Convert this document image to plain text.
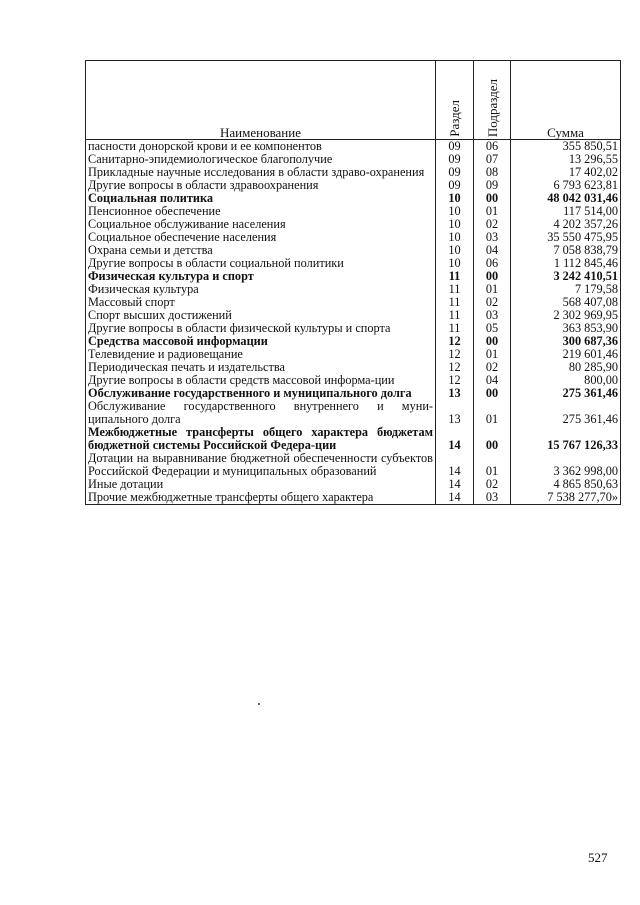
Наименование	Раздел	Подраздел	Сумма
пасности донорской крови и ее компонентов	09	06	355 850,51
Санитарно-эпидемиологическое благополучие	09	07	13 296,55
Прикладные научные исследования в области здраво-охранения	09	08	17 402,02
Другие вопросы в области здравоохранения	09	09	6 793 623,81
Социальная политика	10	00	48 042 031,46
Пенсионное обеспечение	10	01	117 514,00
Социальное обслуживание населения	10	02	4 202 357,26
Социальное обеспечение населения	10	03	35 550 475,95
Охрана семьи и детства	10	04	7 058 838,79
Другие вопросы в области социальной политики	10	06	1 112 845,46
Физическая культура и спорт	11	00	3 242 410,51
Физическая культура	11	01	7 179,58
Массовый спорт	11	02	568 407,08
Спорт высших достижений	11	03	2 302 969,95
Другие вопросы в области физической культуры и спорта	11	05	363 853,90
Средства массовой информации	12	00	300 687,36
Телевидение и радиовещание	12	01	219 601,46
Периодическая печать и издательства	12	02	80 285,90
Другие вопросы в области средств массовой информа-ции	12	04	800,00
Обслуживание государственного и муниципального долга	13	00	275 361,46
Обслуживание государственного внутреннего и муни-ципального долга	13	01	275 361,46
Межбюджетные трансферты общего характера бюджетам бюджетной системы Российской Федера-ции	14	00	15 767 126,33
Дотации на выравнивание бюджетной обеспеченности субъектов Российской Федерации и муниципальных образований	14	01	3 362 998,00
Иные дотации	14	02	4 865 850,63
Прочие межбюджетные трансферты общего характера	14	03	7 538 277,70»
527
